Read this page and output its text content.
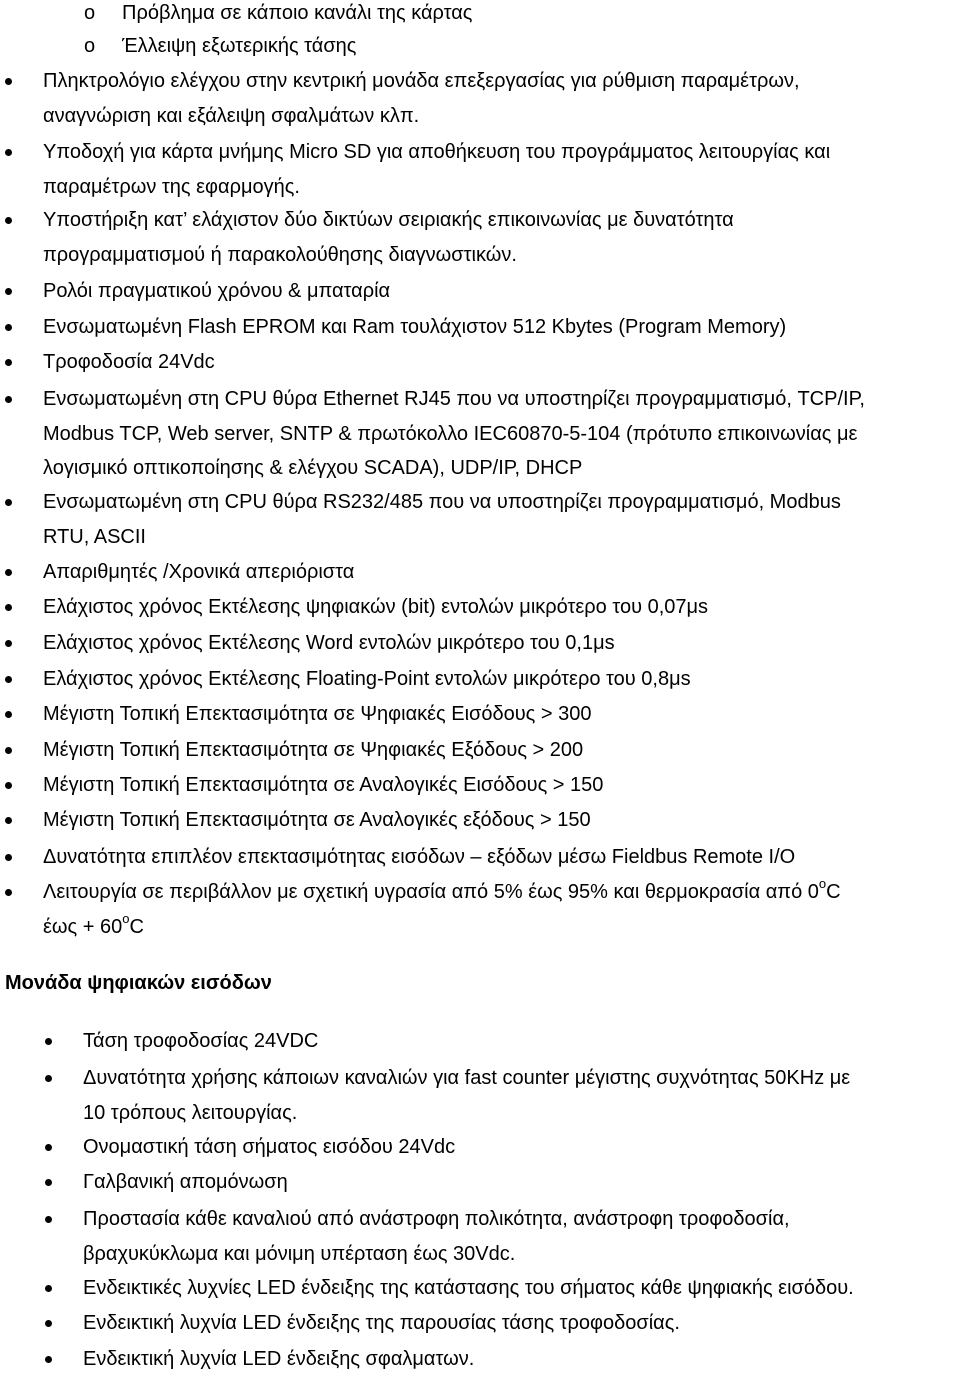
o Πρόβλημα σε κάποιο κανάλι της κάρτας
o Έλλειψη εξωτερικής τάσης
Πληκτρολόγιο ελέγχου στην κεντρική μονάδα επεξεργασίας για ρύθμιση παραμέτρων,
αναγνώριση και εξάλειψη σφαλμάτων κλπ.
Υποδοχή για κάρτα μνήμης Micro SD για αποθήκευση του προγράμματος λειτουργίας και
παραμέτρων της εφαρμογής.
Υποστήριξη κατ’ ελάχιστον δύο δικτύων σειριακής επικοινωνίας με δυνατότητα
προγραμματισμού ή παρακολούθησης διαγνωστικών.
Ρολόι πραγματικού χρόνου & μπαταρία
Ενσωματωμένη Flash EPROM και Ram τουλάχιστον 512 Kbytes (Program Memory)
Τροφοδοσία 24Vdc
Ενσωματωμένη στη CPU θύρα Ethernet RJ45 που να υποστηρίζει προγραμματισμό, TCP/IP,
Modbus TCP, Web server, SNTP & πρωτόκολλο IEC60870-5-104 (πρότυπο επικοινωνίας με
λογισμικό οπτικοποίησης & ελέγχου SCADA), UDP/IP, DHCP
Ενσωματωμένη στη CPU θύρα RS232/485 που να υποστηρίζει προγραμματισμό, Modbus
RTU, ASCII
Απαριθμητές /Χρονικά απεριόριστα
Ελάχιστος χρόνος Εκτέλεσης ψηφιακών (bit) εντολών μικρότερο του 0,07μs
Ελάχιστος χρόνος Εκτέλεσης Word εντολών μικρότερο του 0,1μs
Ελάχιστος χρόνος Εκτέλεσης Floating-Point εντολών μικρότερο του 0,8μs
Μέγιστη Τοπική Επεκτασιμότητα σε Ψηφιακές Εισόδους > 300
Μέγιστη Τοπική Επεκτασιμότητα σε Ψηφιακές Εξόδους > 200
Μέγιστη Τοπική Επεκτασιμότητα σε Αναλογικές Εισόδους > 150
Μέγιστη Τοπική Επεκτασιμότητα σε Αναλογικές εξόδους > 150
Δυνατότητα επιπλέον επεκτασιμότητας εισόδων – εξόδων μέσω Fieldbus Remote I/O
Λειτουργία σε περιβάλλον με σχετική υγρασία από 5% έως 95% και θερμοκρασία από 0$^o$C
$έ\omega\varsigma + 60^oC$
Μονάδα ψηφιακών εισόδων
Τάση τροφοδοσίας 24VDC
Δυνατότητα χρήσης κάποιων καναλιών για fast counter μέγιστης συχνότητας 50KHz με
10 τρόπους λειτουργίας.
Ονομαστική τάση σήματος εισόδου 24Vdc
Γαλβανική απομόνωση
Προστασία κάθε καναλιού από ανάστροφη πολικότητα, ανάστροφη τροφοδοσία,
βραχυκύκλωμα και μόνιμη υπέρταση έως 30Vdc.
Ενδεικτικές λυχνίες LED ένδειξης της κατάστασης του σήματος κάθε ψηφιακής εισόδου.
Ενδεικτική λυχνία LED ένδειξης της παρουσίας τάσης τροφοδοσίας.
Ενδεικτική λυχνία LED ένδειξης σφαλματων.
